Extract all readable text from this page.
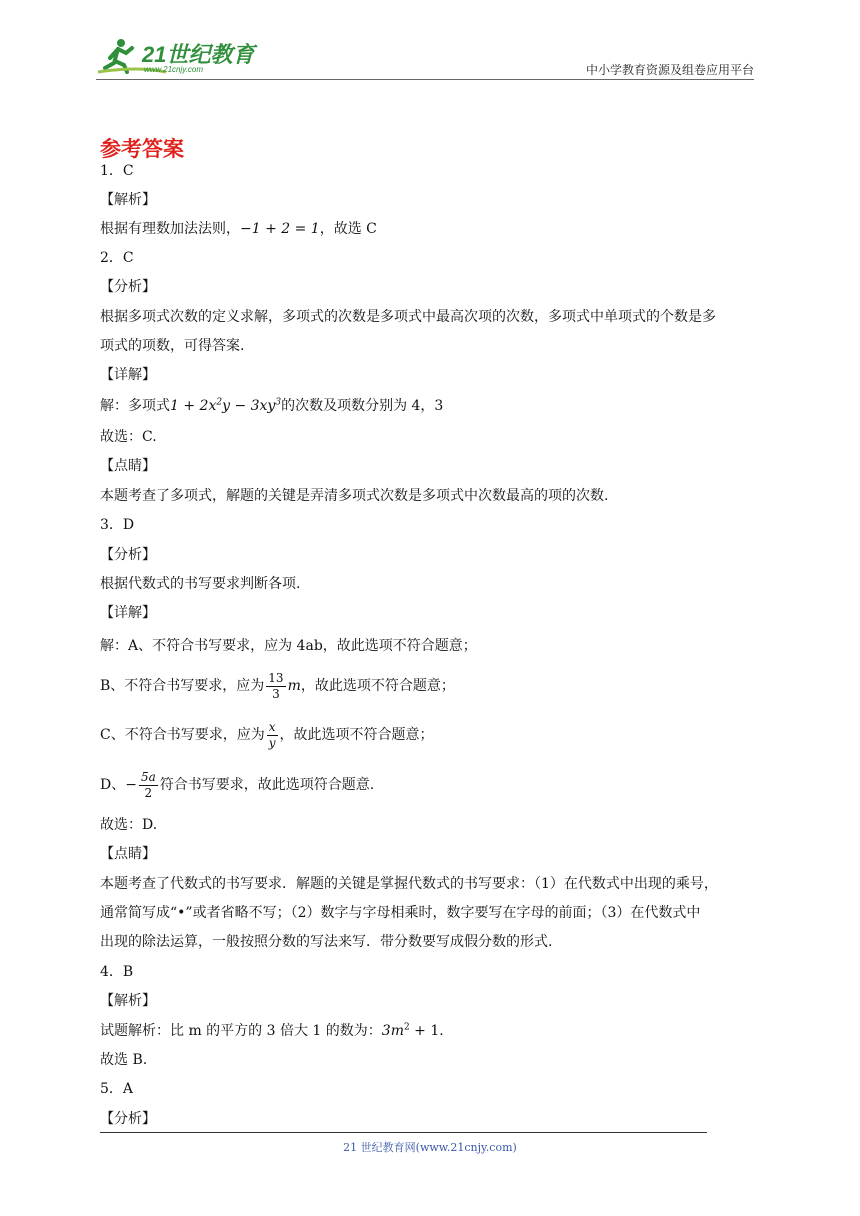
21世纪教育
www.21cnjy.com	中小学教育资源及组卷应用平台
参考答案
1．C
【解析】
根据有理数加法法则，−1 + 2 = 1，故选 C
2．C
【分析】
根据多项式次数的定义求解，多项式的次数是多项式中最高次项的次数，多项式中单项式的个数是多
项式的项数，可得答案.
【详解】
解：多项式$1 + 2x^2y - 3xy^3$的次数及项数分别为 4，3
故选：C.
【点睛】
本题考查了多项式，解题的关键是弄清多项式次数是多项式中次数最高的项的次数.
3．D
【分析】
根据代数式的书写要求判断各项.
【详解】
解：A、不符合书写要求，应为 4ab，故此选项不符合题意；
B、不符合书写要求，应为 $\frac{13}{3}$ m，故此选项不符合题意；
C、不符合书写要求，应为 $\frac{x}{y}$ ，故此选项不符合题意；
D、− $\frac{5a}{2}$ 符合书写要求，故此选项符合题意.
故选：D.
【点睛】
本题考查了代数式的书写要求．解题的关键是掌握代数式的书写要求：（1）在代数式中出现的乘号，
通常简写成“•”或者省略不写；（2）数字与字母相乘时，数字要写在字母的前面；（3）在代数式中
出现的除法运算，一般按照分数的写法来写．带分数要写成假分数的形式.
4．B
【解析】
试题解析：比 m 的平方的 3 倍大 1 的数为：$3m^2 + 1$.
故选 B.
5．A
【分析】
21 世纪教育网(www.21cnjy.com)
